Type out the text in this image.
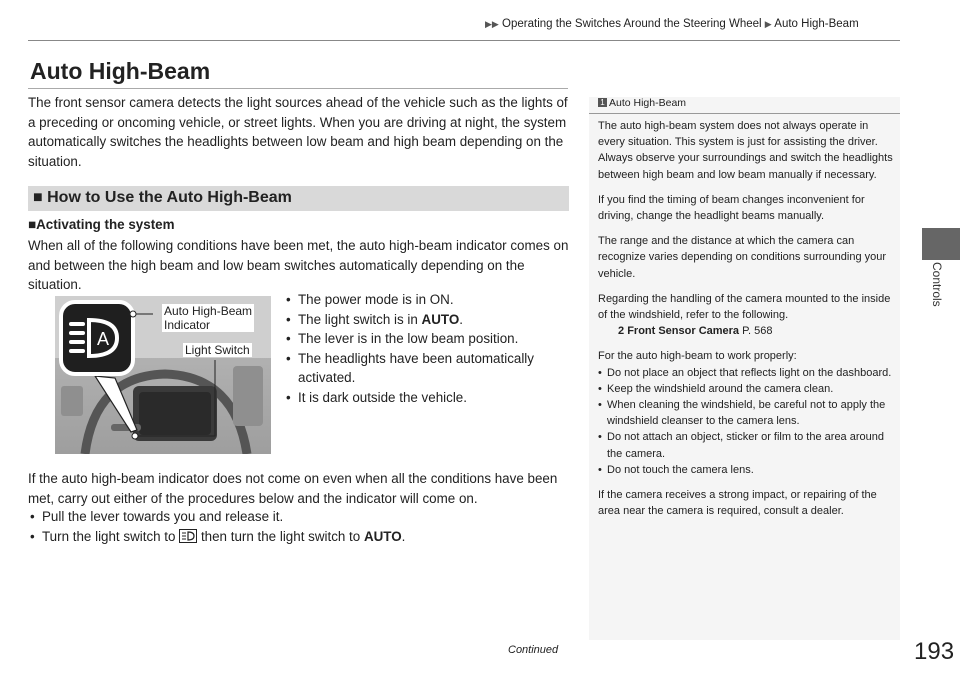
▶▶ Operating the Switches Around the Steering Wheel ▶ Auto High-Beam
Controls
Auto High-Beam
The front sensor camera detects the light sources ahead of the vehicle such as the lights of a preceding or oncoming vehicle, or street lights. When you are driving at night, the system automatically switches the headlights between low beam and high beam depending on the situation.
■ How to Use the Auto High-Beam
■Activating the system
When all of the following conditions have been met, the auto high-beam indicator comes on and between the high beam and low beam switches automatically depending on the situation.
A
Auto High-Beam
Indicator
Light Switch
• The power mode is in ON.
• The light switch is in AUTO.
• The lever is in the low beam position.
• The headlights have been automatically activated.
• It is dark outside the vehicle.
If the auto high-beam indicator does not come on even when all the conditions have been met, carry out either of the procedures below and the indicator will come on.
• Pull the lever towards you and release it.
• Turn the light switch to then turn the light switch to AUTO.
1 Auto High-Beam

The auto high-beam system does not always operate in every situation. This system is just for assisting the driver. Always observe your surroundings and switch the headlights between high beam and low beam manually if necessary.

If you find the timing of beam changes inconvenient for driving, change the headlight beams manually.

The range and the distance at which the camera can recognize varies depending on conditions surrounding your vehicle.

Regarding the handling of the camera mounted to the inside of the windshield, refer to the following.

2 Front Sensor Camera P. 568

For the auto high-beam to work properly:

• Do not place an object that reflects light on the dashboard.
• Keep the windshield around the camera clean.
• When cleaning the windshield, be careful not to apply the windshield cleanser to the camera lens.
• Do not attach an object, sticker or film to the area around the camera.
• Do not touch the camera lens.

If the camera receives a strong impact, or repairing of the area near the camera is required, consult a dealer.

Continued	193
